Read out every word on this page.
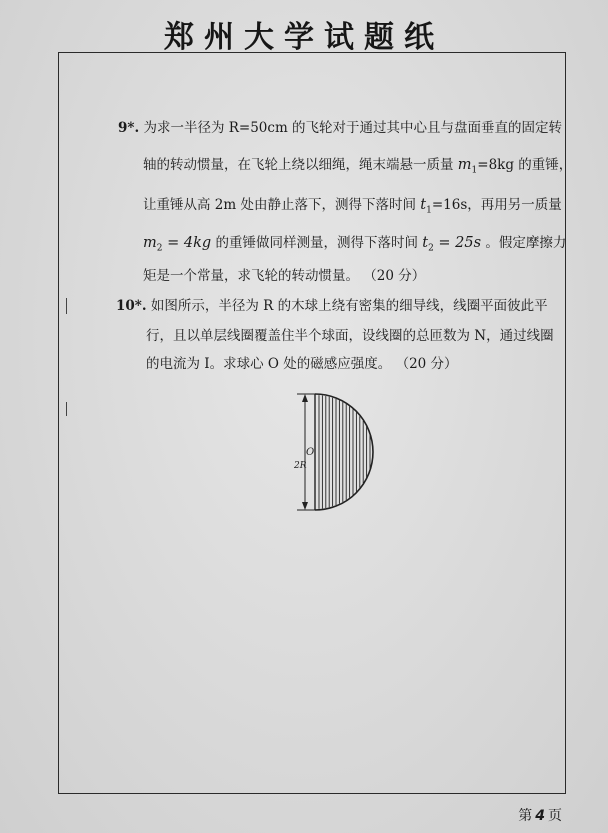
郑州大学试题纸
9*. 为求一半径为 R=50cm 的飞轮对于通过其中心且与盘面垂直的固定转
轴的转动惯量，在飞轮上绕以细绳，绳末端悬一质量 $m_1=8kg$ 的重锤，
让重锤从高 2m 处由静止落下，测得下落时间 $t_1=16s$，再用另一质量
$m_2 = 4kg$ 的重锤做同样测量，测得下落时间 $t_2 = 25s$ 。假定摩擦力
矩是一个常量，求飞轮的转动惯量。 （20 分）
10*. 如图所示，半径为 R 的木球上绕有密集的细导线，线圈平面彼此平
行，且以单层线圈覆盖住半个球面，设线圈的总匝数为 N，通过线圈
的电流为 I。求球心 O 处的磁感应强度。 （20 分）
O
2R
第 4 页
